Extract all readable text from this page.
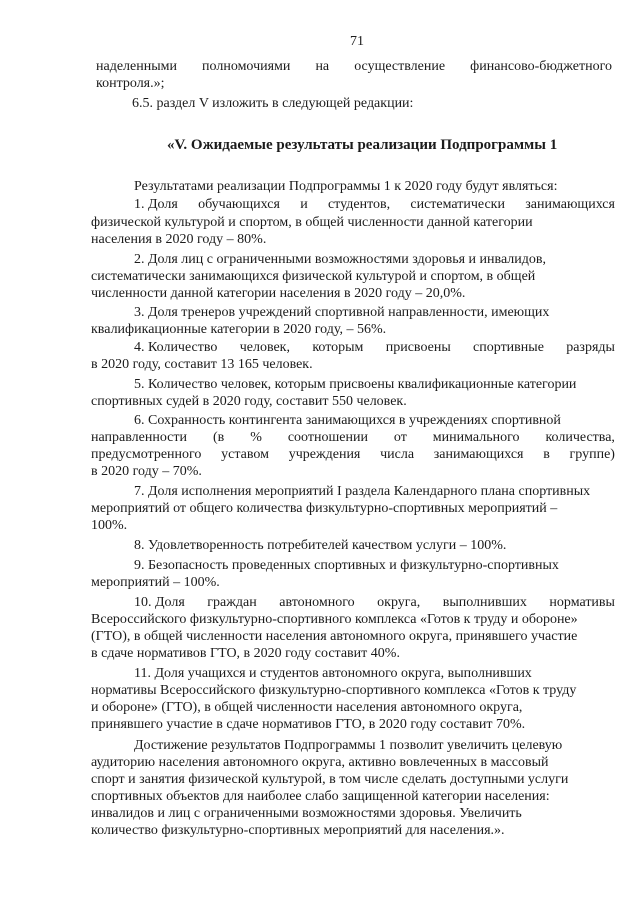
71
наделенными полномочиями на осуществление финансово-бюджетного
контроля.»;
6.5. раздел V изложить в следующей редакции:
«V. Ожидаемые результаты реализации Подпрограммы 1
Результатами реализации Подпрограммы 1 к 2020 году будут являться:
1. Доля обучающихся и студентов, систематически занимающихся
физической культурой и спортом, в общей численности данной категории
населения в 2020 году – 80%.
2. Доля лиц с ограниченными возможностями здоровья и инвалидов,
систематически занимающихся физической культурой и спортом, в общей
численности данной категории населения в 2020 году – 20,0%.
3. Доля тренеров учреждений спортивной направленности, имеющих
квалификационные категории в 2020 году, – 56%.
4. Количество человек, которым присвоены спортивные разряды
в 2020 году, составит 13 165 человек.
5. Количество человек, которым присвоены квалификационные категории
спортивных судей в 2020 году, составит 550 человек.
6. Сохранность контингента занимающихся в учреждениях спортивной
направленности (в % соотношении от минимального количества,
предусмотренного уставом учреждения числа занимающихся в группе)
в 2020 году – 70%.
7. Доля исполнения мероприятий I раздела Календарного плана спортивных
мероприятий от общего количества физкультурно-спортивных мероприятий –
100%.
8. Удовлетворенность потребителей качеством услуги – 100%.
9. Безопасность проведенных спортивных и физкультурно-спортивных
мероприятий – 100%.
10. Доля граждан автономного округа, выполнивших нормативы
Всероссийского физкультурно-спортивного комплекса «Готов к труду и обороне»
(ГТО), в общей численности населения автономного округа, принявшего участие
в сдаче нормативов ГТО, в 2020 году составит 40%.
11. Доля учащихся и студентов автономного округа, выполнивших
нормативы Всероссийского физкультурно-спортивного комплекса «Готов к труду
и обороне» (ГТО), в общей численности населения автономного округа,
принявшего участие в сдаче нормативов ГТО, в 2020 году составит 70%.
Достижение результатов Подпрограммы 1 позволит увеличить целевую
аудиторию населения автономного округа, активно вовлеченных в массовый
спорт и занятия физической культурой, в том числе сделать доступными услуги
спортивных объектов для наиболее слабо защищенной категории населения:
инвалидов и лиц с ограниченными возможностями здоровья. Увеличить
количество физкультурно-спортивных мероприятий для населения.».
